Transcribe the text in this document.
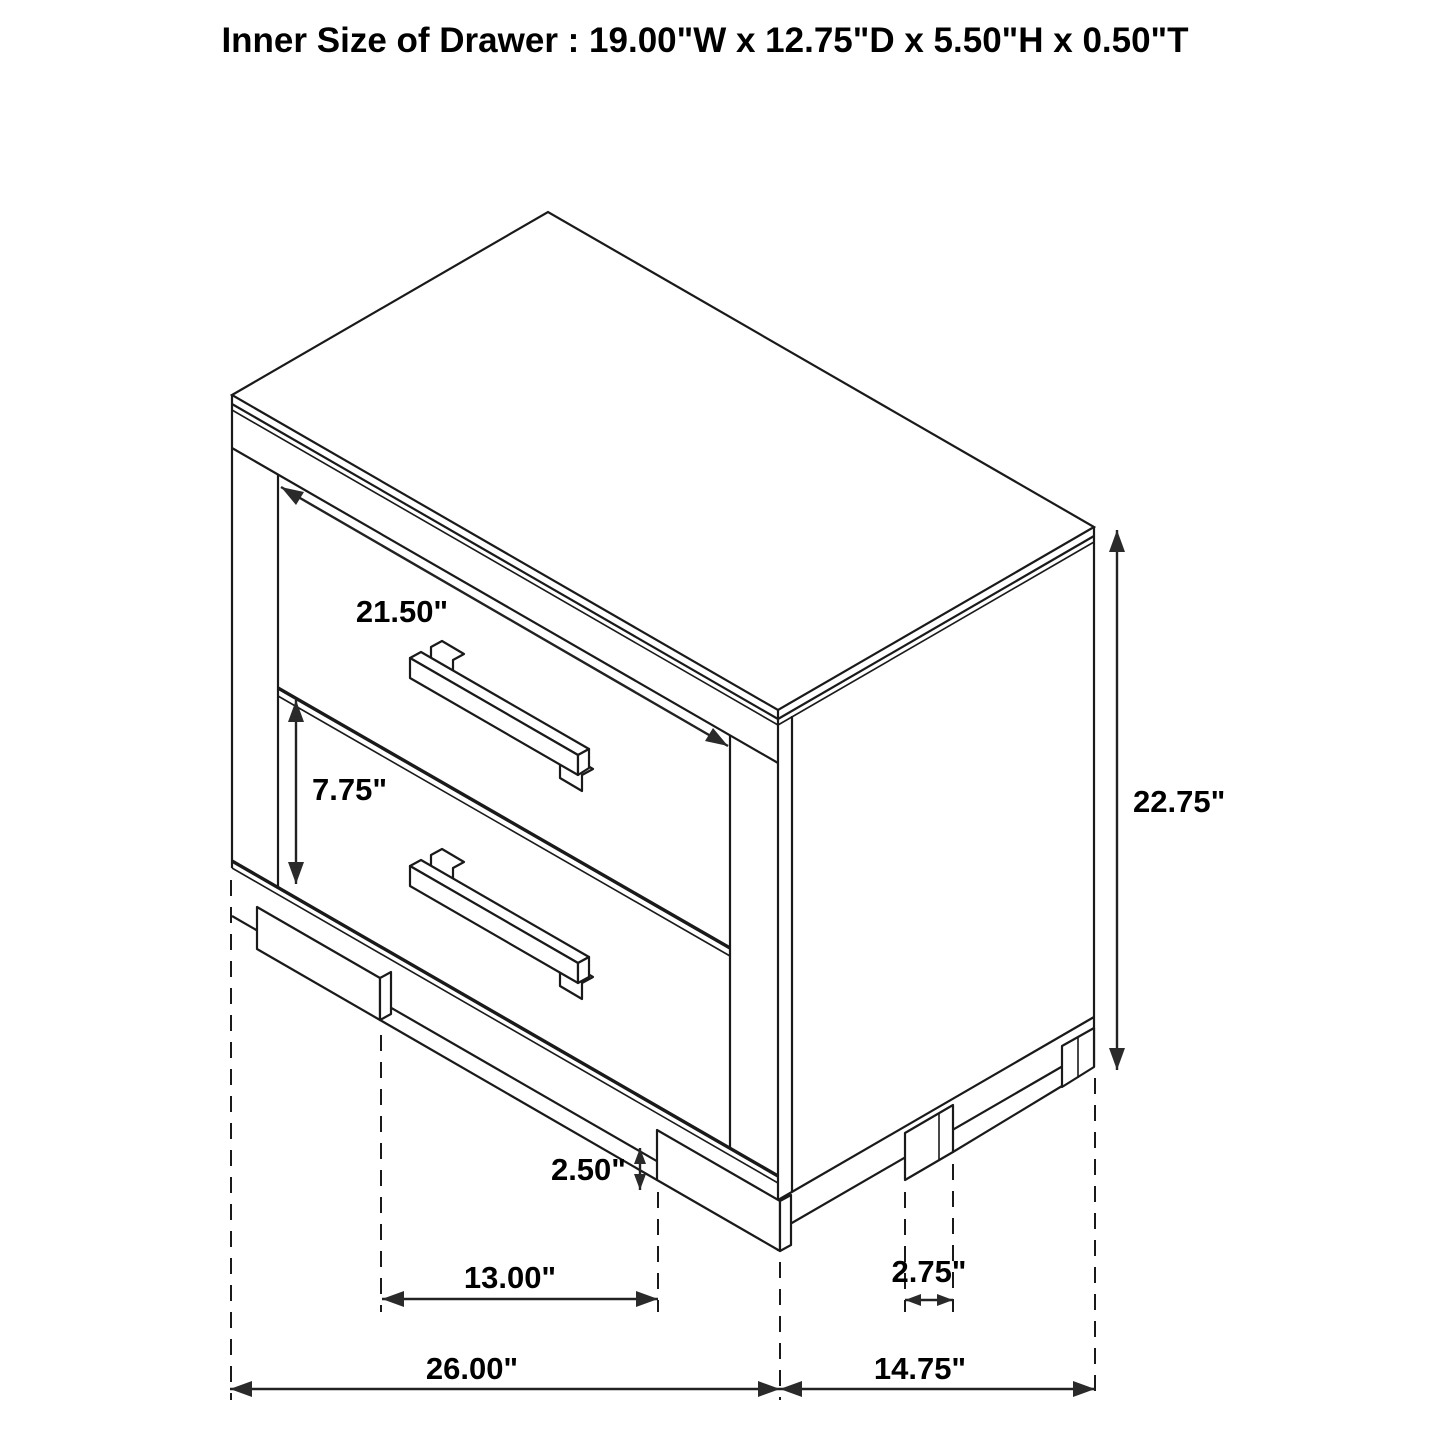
21.50"
7.75"	22.75"
2.50"
13.00"
26.00"	14.75"
2.75"
Inner Size of Drawer : 19.00"W x 12.75"D x 5.50"H x 0.50"T
